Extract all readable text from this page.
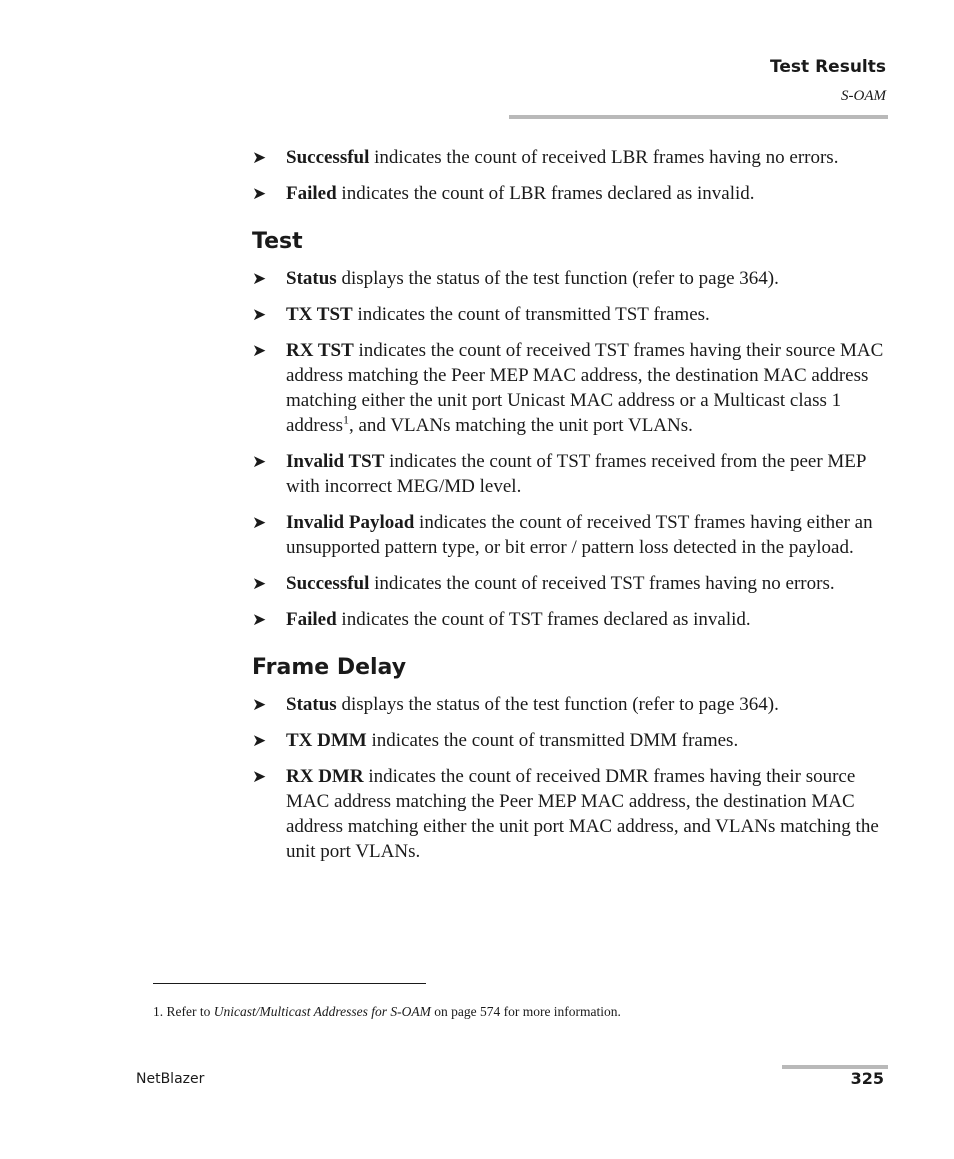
Test Results
S-OAM
➤ Successful indicates the count of received LBR frames having no errors.
➤ Failed indicates the count of LBR frames declared as invalid.
Test
➤ Status displays the status of the test function (refer to page 364).
➤ TX TST indicates the count of transmitted TST frames.
➤ RX TST indicates the count of received TST frames having their source MAC address matching the Peer MEP MAC address, the destination MAC address matching either the unit port Unicast MAC address or a Multicast class 1 address$^1$, and VLANs matching the unit port VLANs.
➤ Invalid TST indicates the count of TST frames received from the peer MEP with incorrect MEG/MD level.
➤ Invalid Payload indicates the count of received TST frames having either an unsupported pattern type, or bit error / pattern loss detected in the payload.
➤ Successful indicates the count of received TST frames having no errors.
➤ Failed indicates the count of TST frames declared as invalid.
Frame Delay
➤ Status displays the status of the test function (refer to page 364).
➤ TX DMM indicates the count of transmitted DMM frames.
➤ RX DMR indicates the count of received DMR frames having their source MAC address matching the Peer MEP MAC address, the destination MAC address matching either the unit port MAC address, and VLANs matching the unit port VLANs.
1. Refer to Unicast/Multicast Addresses for S-OAM on page 574 for more information.
NetBlazer	325
